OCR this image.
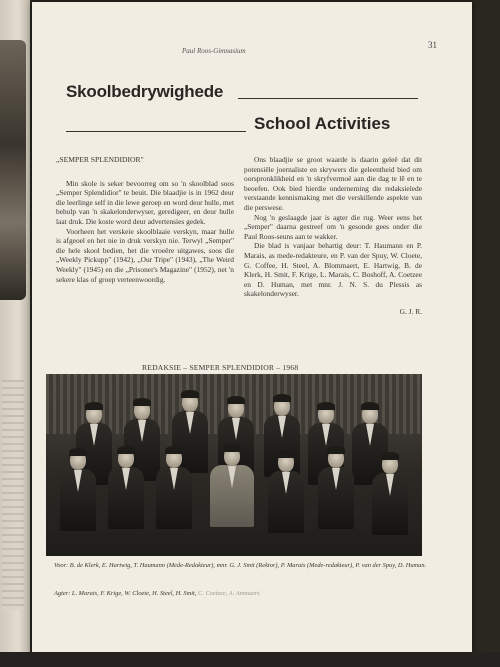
Paul Roos-Gimnasium
31
Skoolbedrywighede
School Activities

„SEMPER SPLENDIDIOR"

Min skole is seker bevoorreg om so 'n skoolblad soos „Semper Splendidior" te beuit. Die blaadjie is in 1962 deur die leerlinge self in die lewe geroep en word deur hulle, met behulp van 'n skakelonderwyser, geredigeer, en deur hulle laat druk. Die koste word deur advertensies gedek.

Voorheen het verskeie skoolblaaie verskyn, maar hulle is afgeoel en het nie in druk verskyn nie. Terwyl „Semper" die hele skool bedien, het die vroeëre uitgawes, soos die „Weekly Pickupp" (1942), „Our Tripe" (1943), „The Weird Weekly" (1945) en die „Prisoner's Magazine" (1952), net 'n sekere klas of groep verteenwoordig.

Ons blaadjie se groot waarde is daarin geleë dat dit potensiële joernaliste en skrywers die geleentheid bied om oorspronklikheid en 'n skryfvermoë aan die dag te lê en te beoefen. Ook bied hierdie onderneming die redaksielede verstaande kennismaking met die verskillende aspekte van die perswese.

Nog 'n geslaagde jaar is agter die rug. Weer eens het „Semper" daarna gestreef om 'n gesonde gees onder die Paul Roos-seuns aan te wakker.

Die blad is vanjaar behartig deur: T. Haumann en P. Marais, as mede-redakteure, en P. van der Spuy, W. Cloete, G. Coffee, H. Steel, A. Blommaert, E. Hartwig, B. de Klerk, H. Smit, F. Krige, L. Marais, C. Boshoff, A. Coetzee en D. Human, met mnr. J. N. S. du Plessis as skakelonderwyser.

G. J. R.

REDAKSIE – SEMPER SPLENDIDIOR – 1968
Voor: B. de Klerk, E. Hartwig, T. Haumann (Mede-Redakteur), mnr. G. J. Smit (Rektor), P. Marais (Mede-redakteur), P. van der Spuy, D. Human.
Agter: L. Marais, F. Krige, W. Cloete, H. Steel, H. Smit, C. Coetzee, A. Ammaert.
